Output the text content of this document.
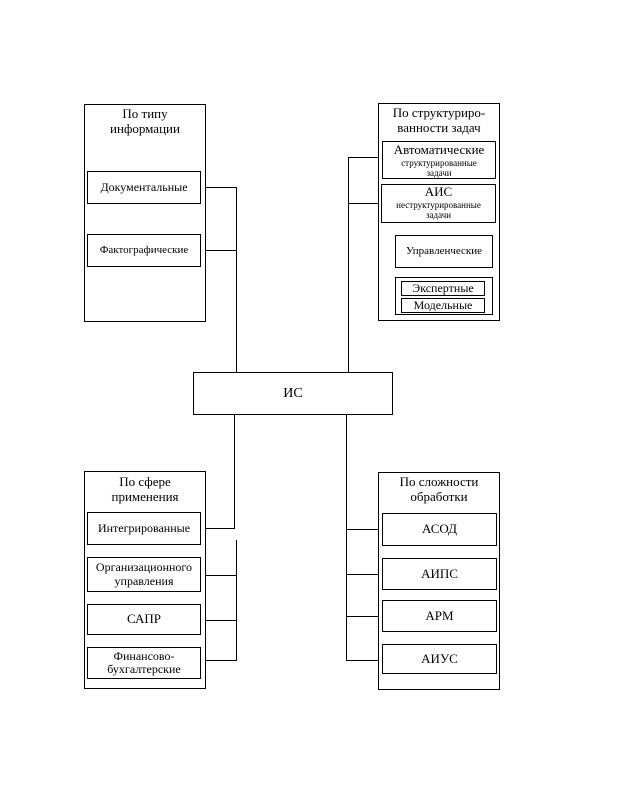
ИС
По типу
информации
Документальные
Фактографические
По структуриро-
ванности задач
Автоматические
структурированные
задачи
АИС
неструктурированные
задачи
Управленческие
Экспертные
Модельные
По сфере
применения
Интегрированные
Организационного
управления
САПР
Финансово-
бухгалтерские
По сложности
обработки
АСОД
АИПС
АРМ
АИУС
